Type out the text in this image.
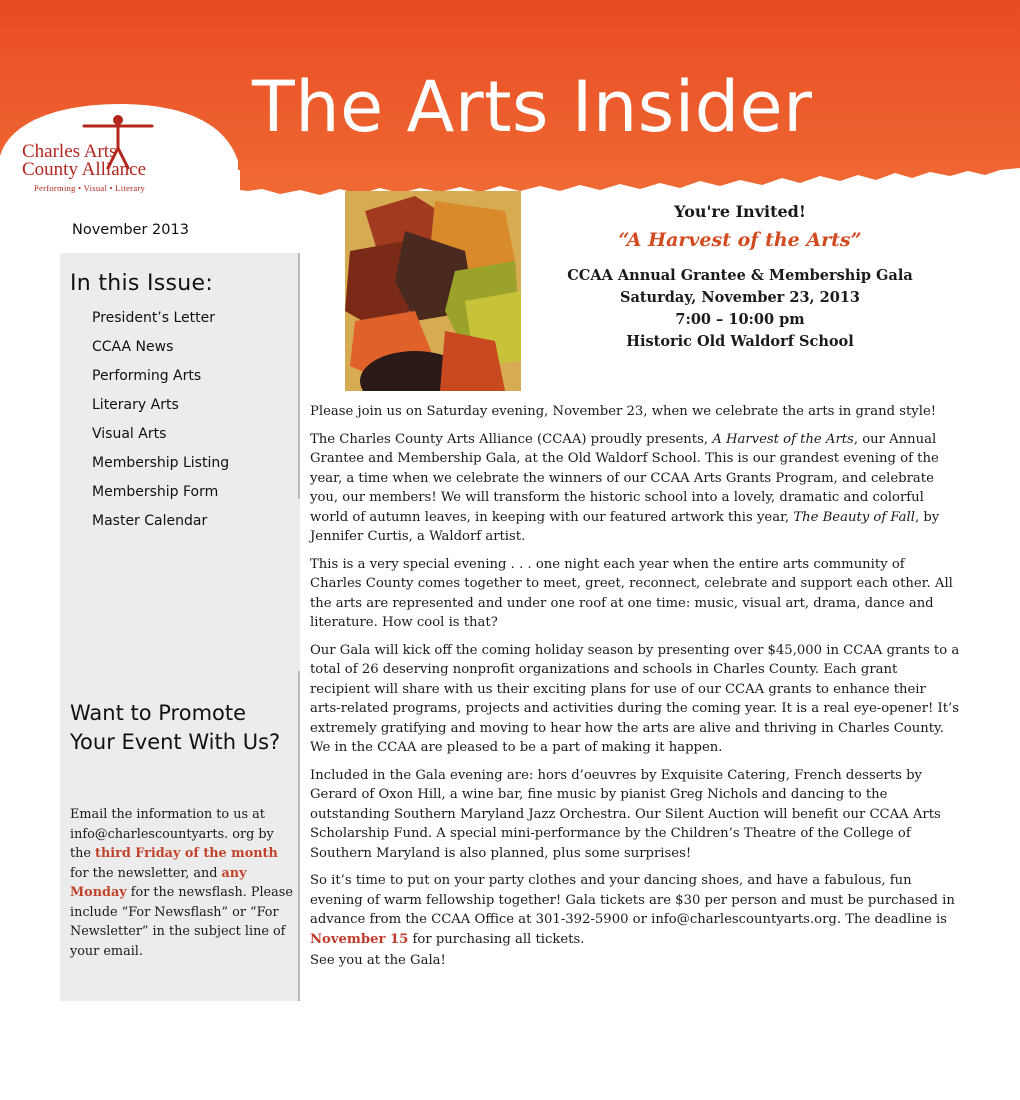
Charles Arts
County Alliance
Performing • Visual • Literary
The Arts Insider
November 2013
In this Issue:
President’s Letter
CCAA News
Performing Arts
Literary Arts
Visual Arts
Membership Listing
Membership Form
Master Calendar
Want to Promote Your Event With Us?
Email the information to us at info@charlescountyarts. org by the third Friday of the month for the newsletter, and any Monday for the newsflash. Please include “For Newsflash” or “For Newsletter” in the subject line of your email.
You're Invited!
“A Harvest of the Arts”
CCAA Annual Grantee & Membership Gala
Saturday, November 23, 2013
7:00 – 10:00 pm
Historic Old Waldorf School

Please join us on Saturday evening, November 23, when we celebrate the arts in grand style!

The Charles County Arts Alliance (CCAA) proudly presents, A Harvest of the Arts, our Annual Grantee and Membership Gala, at the Old Waldorf School. This is our grandest evening of the year, a time when we celebrate the winners of our CCAA Arts Grants Program, and celebrate you, our members! We will transform the historic school into a lovely, dramatic and colorful world of autumn leaves, in keeping with our featured artwork this year, The Beauty of Fall, by Jennifer Curtis, a Waldorf artist.

This is a very special evening . . . one night each year when the entire arts community of Charles County comes together to meet, greet, reconnect, celebrate and support each other. All the arts are represented and under one roof at one time: music, visual art, drama, dance and literature. How cool is that?

Our Gala will kick off the coming holiday season by presenting over $45,000 in CCAA grants to a total of 26 deserving nonprofit organizations and schools in Charles County. Each grant recipient will share with us their exciting plans for use of our CCAA grants to enhance their arts-related programs, projects and activities during the coming year. It is a real eye-opener! It’s extremely gratifying and moving to hear how the arts are alive and thriving in Charles County. We in the CCAA are pleased to be a part of making it happen.

Included in the Gala evening are: hors d’oeuvres by Exquisite Catering, French desserts by Gerard of Oxon Hill, a wine bar, fine music by pianist Greg Nichols and dancing to the outstanding Southern Maryland Jazz Orchestra. Our Silent Auction will benefit our CCAA Arts Scholarship Fund. A special mini-performance by the Children’s Theatre of the College of Southern Maryland is also planned, plus some surprises!

So it’s time to put on your party clothes and your dancing shoes, and have a fabulous, fun evening of warm fellowship together! Gala tickets are $30 per person and must be purchased in advance from the CCAA Office at 301-392-5900 or info@charlescountyarts.org. The deadline is November 15 for purchasing all tickets.

See you at the Gala!
